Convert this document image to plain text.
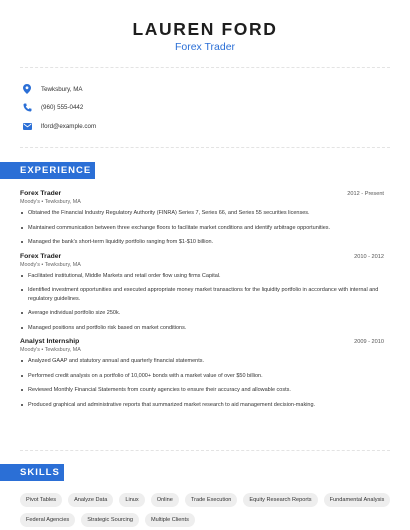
LAUREN FORD
Forex Trader
Tewksbury, MA
(960) 555-0442
lford@example.com
EXPERIENCE
Forex Trader	2012 - Present
Moody's • Tewksbury, MA
Obtained the Financial Industry Regulatory Authority (FINRA) Series 7, Series 66, and Series 55 securities licenses.
Maintained communication between three exchange floors to facilitate market conditions and identify arbitrage opportunities.
Managed the bank's short-term liquidity portfolio ranging from $1-$10 billion.
Forex Trader	2010 - 2012
Moody's • Tewksbury, MA
Facilitated institutional, Middle Markets and retail order flow using firms Capital.
Identified investment opportunities and executed appropriate money market transactions for the liquidity portfolio in accordance with internal and regulatory guidelines.
Average individual portfolio size 250k.
Managed positions and portfolio risk based on market conditions.
Analyst Internship	2009 - 2010
Moody's • Tewksbury, MA
Analyzed GAAP and statutory annual and quarterly financial statements.
Performed credit analysis on a portfolio of 10,000+ bonds with a market value of over $50 billion.
Reviewed Monthly Financial Statements from county agencies to ensure their accuracy and allowable costs.
Produced graphical and administrative reports that summarized market research to aid management decision-making.
SKILLS
Pivot Tables	Analyze Data	Linux	Online	Trade Execution	Equity Research Reports	Fundamental Analysis
Federal Agencies	Strategic Sourcing	Multiple Clients
